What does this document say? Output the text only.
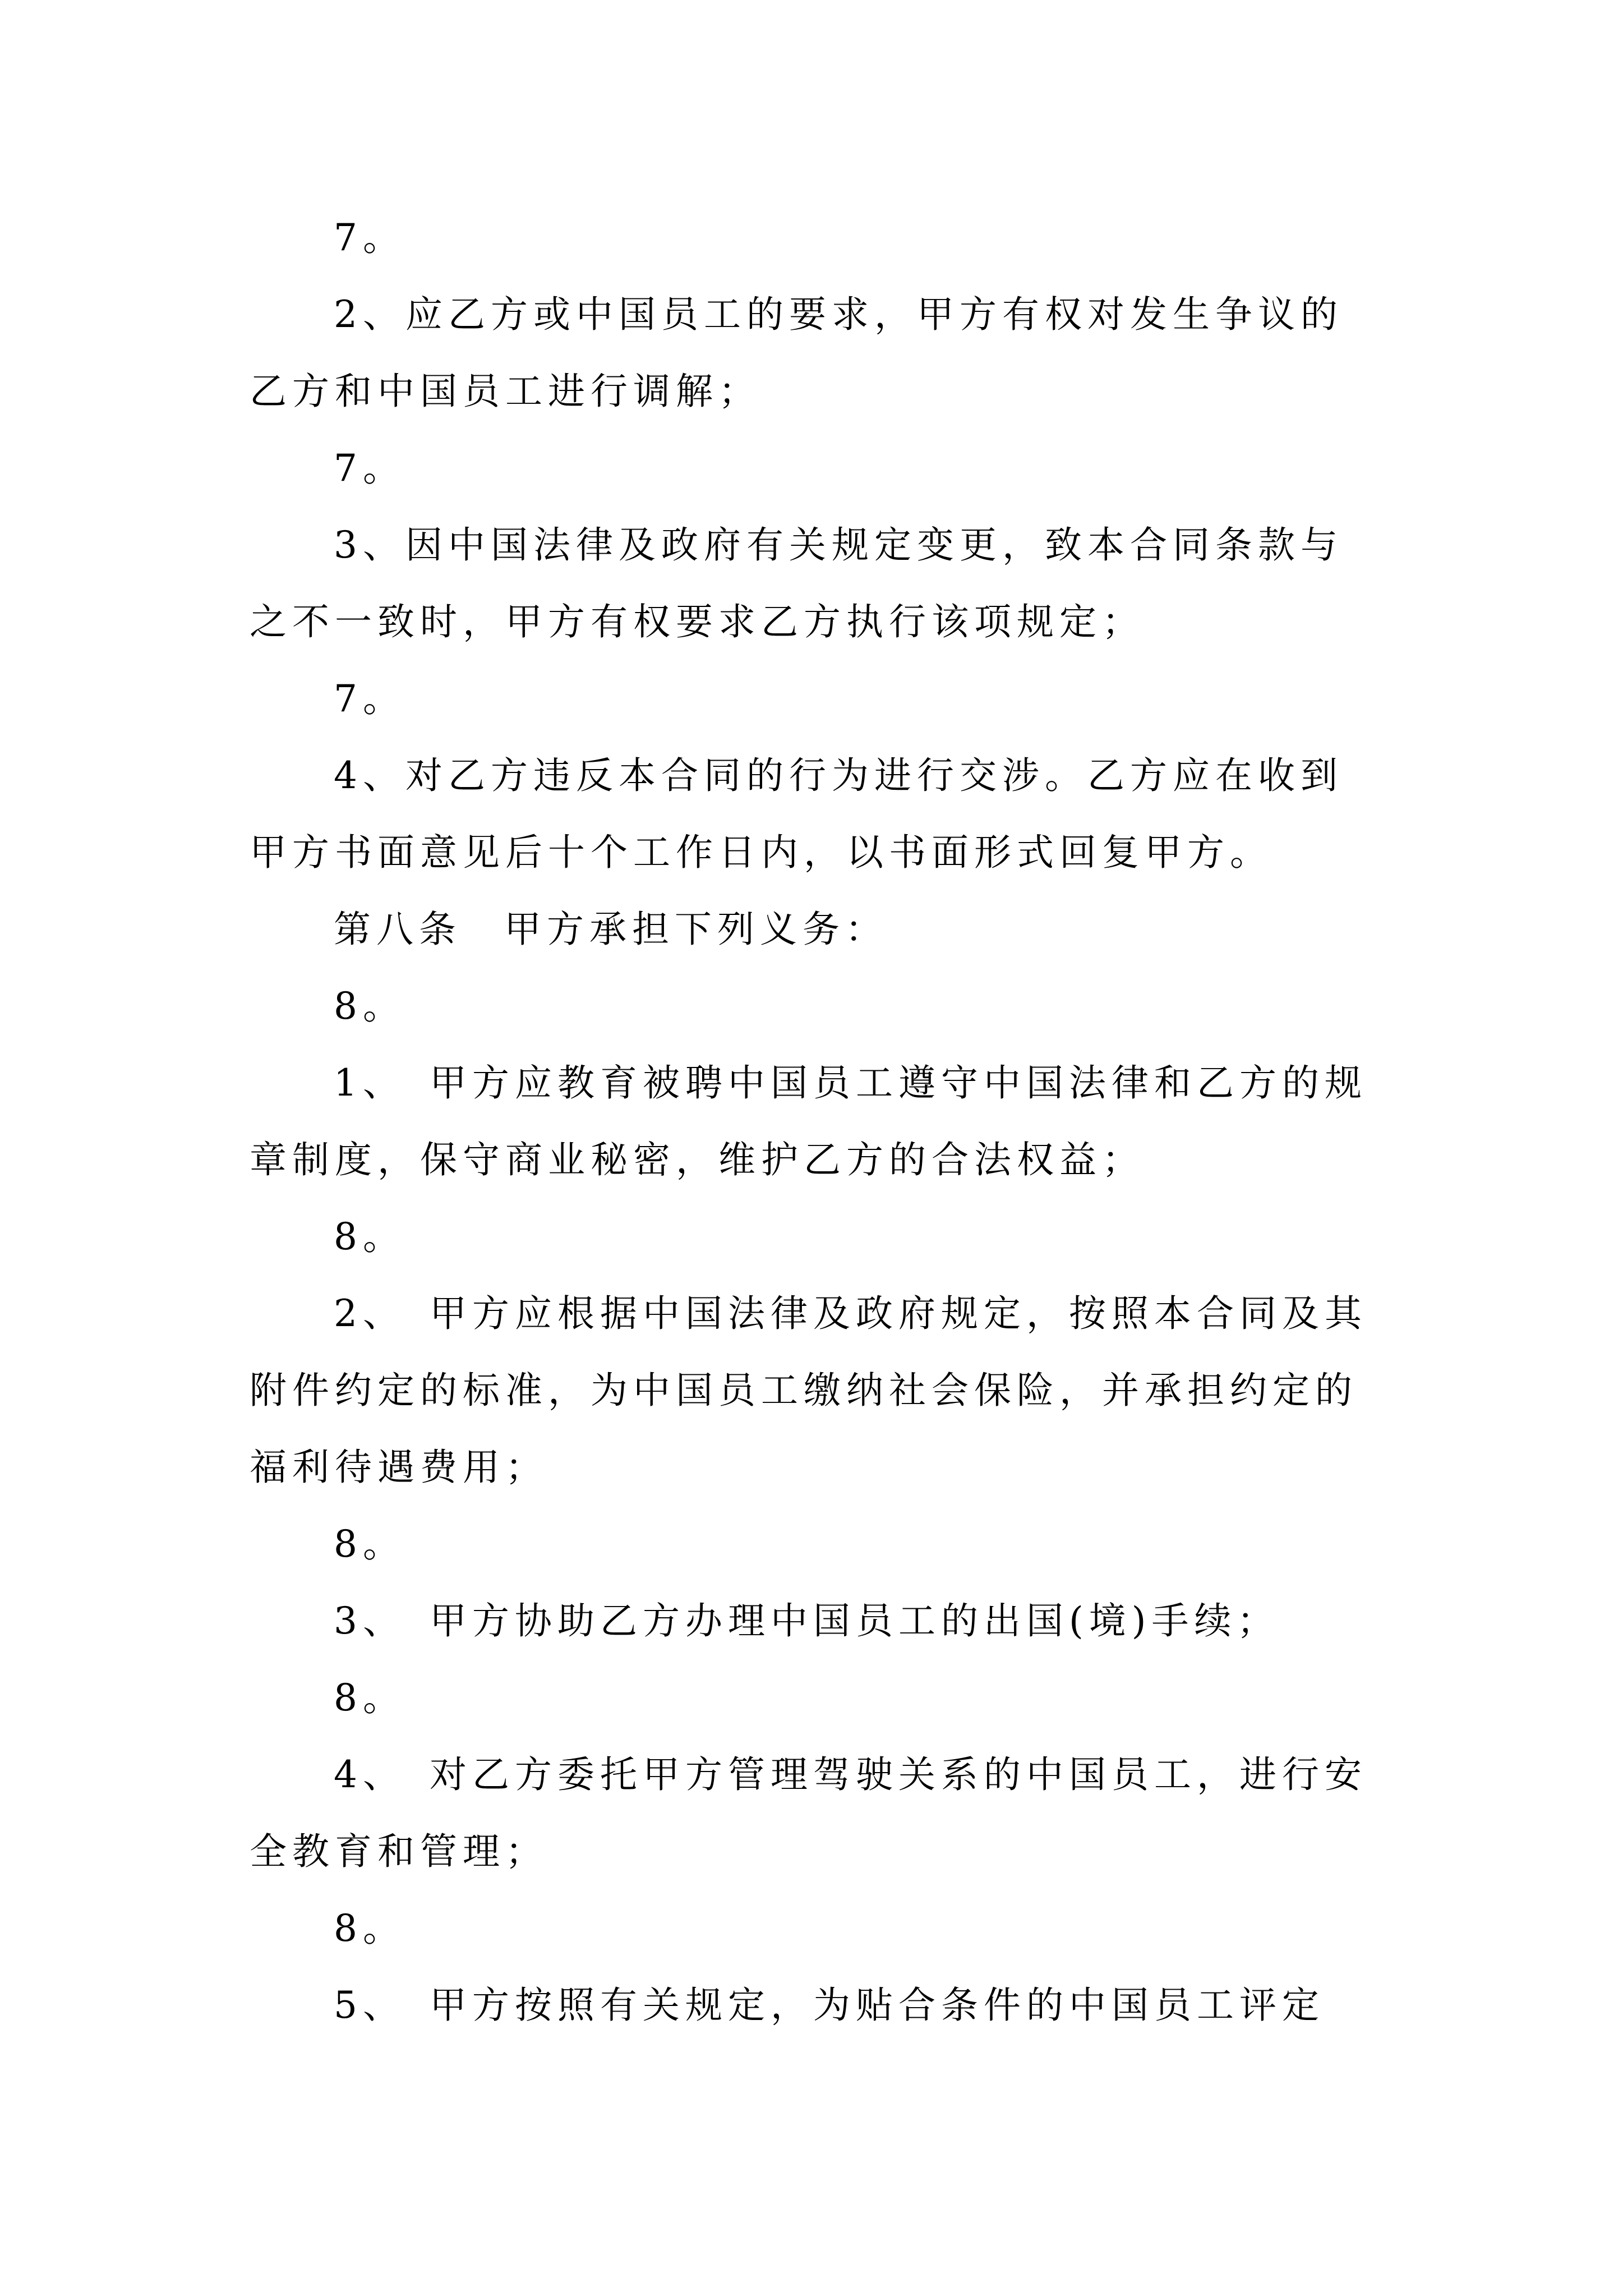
7。

2、应乙方或中国员工的要求，甲方有权对发生争议的乙方和中国员工进行调解；

7。

3、因中国法律及政府有关规定变更，致本合同条款与之不一致时，甲方有权要求乙方执行该项规定；

7。

4、对乙方违反本合同的行为进行交涉。乙方应在收到甲方书面意见后十个工作日内，以书面形式回复甲方。

第八条　甲方承担下列义务：

8。

1、　甲方应教育被聘中国员工遵守中国法律和乙方的规章制度，保守商业秘密，维护乙方的合法权益；

8。

2、　甲方应根据中国法律及政府规定，按照本合同及其附件约定的标准，为中国员工缴纳社会保险，并承担约定的福利待遇费用；

8。

3、　甲方协助乙方办理中国员工的出国(境)手续；

8。

4、　对乙方委托甲方管理驾驶关系的中国员工，进行安全教育和管理；

8。

5、　甲方按照有关规定，为贴合条件的中国员工评定
